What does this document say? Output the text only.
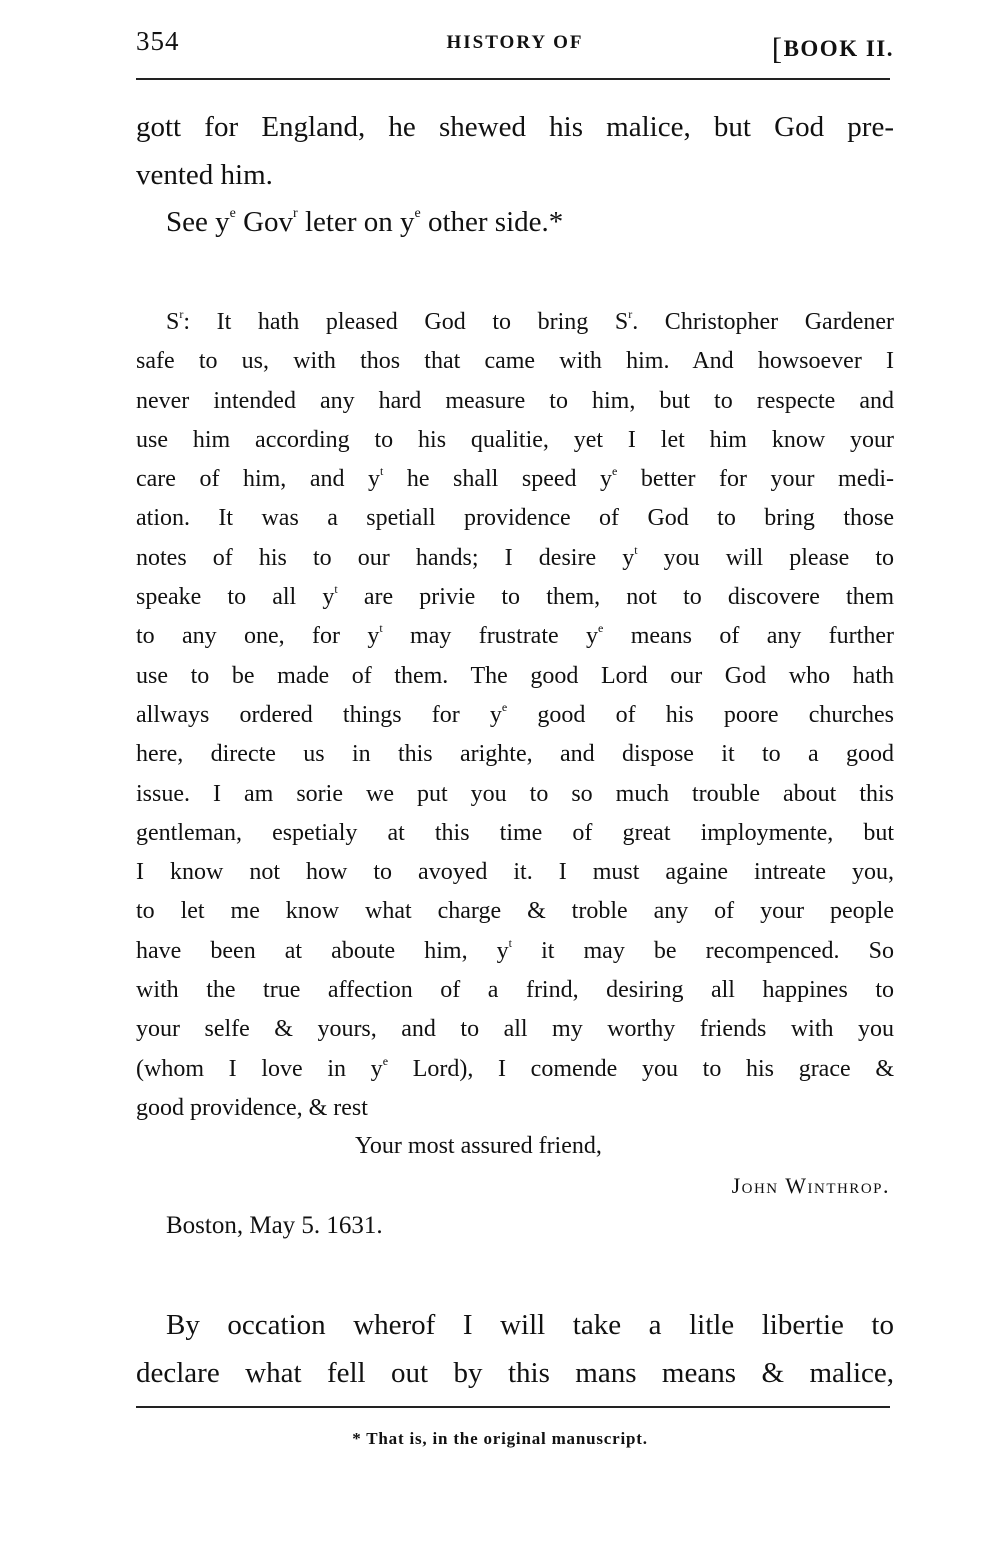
354	HISTORY OF	[BOOK II.
gott for England, he shewed his malice, but God pre-
vented him.
See $y^e$ Gov$^r$ leter on $y^e$ other side.*
$S^r$: It hath pleased God to bring $S^r$. Christopher Gardener
safe to us, with thos that came with him. And howsoever I
never intended any hard measure to him, but to respecte and
use him according to his qualitie, yet I let him know your
care of him, and $y^t$ he shall speed $y^e$ better for your medi-
ation. It was a spetiall providence of God to bring those
notes of his to our hands; I desire $y^t$ you will please to
speake to all $y^t$ are privie to them, not to discovere them
to any one, for $y^t$ may frustrate $y^e$ means of any further
use to be made of them. The good Lord our God who hath
allways ordered things for $y^e$ good of his poore churches
here, directe us in this arighte, and dispose it to a good
issue. I am sorie we put you to so much trouble about this
gentleman, espetialy at this time of great imploymente, but
I know not how to avoyed it. I must againe intreate you,
to let me know what charge & troble any of your people
have been at aboute him, $y^t$ it may be recompenced. So
with the true affection of a frind, desiring all happines to
your selfe & yours, and to all my worthy friends with you
(whom I love in $y^e$ Lord), I comende you to his grace &
good providence, & rest
Your most assured friend,
John Winthrop.
Boston, May 5. 1631.
By occation wherof I will take a litle libertie to
declare what fell out by this mans means & malice,
* That is, in the original manuscript.
